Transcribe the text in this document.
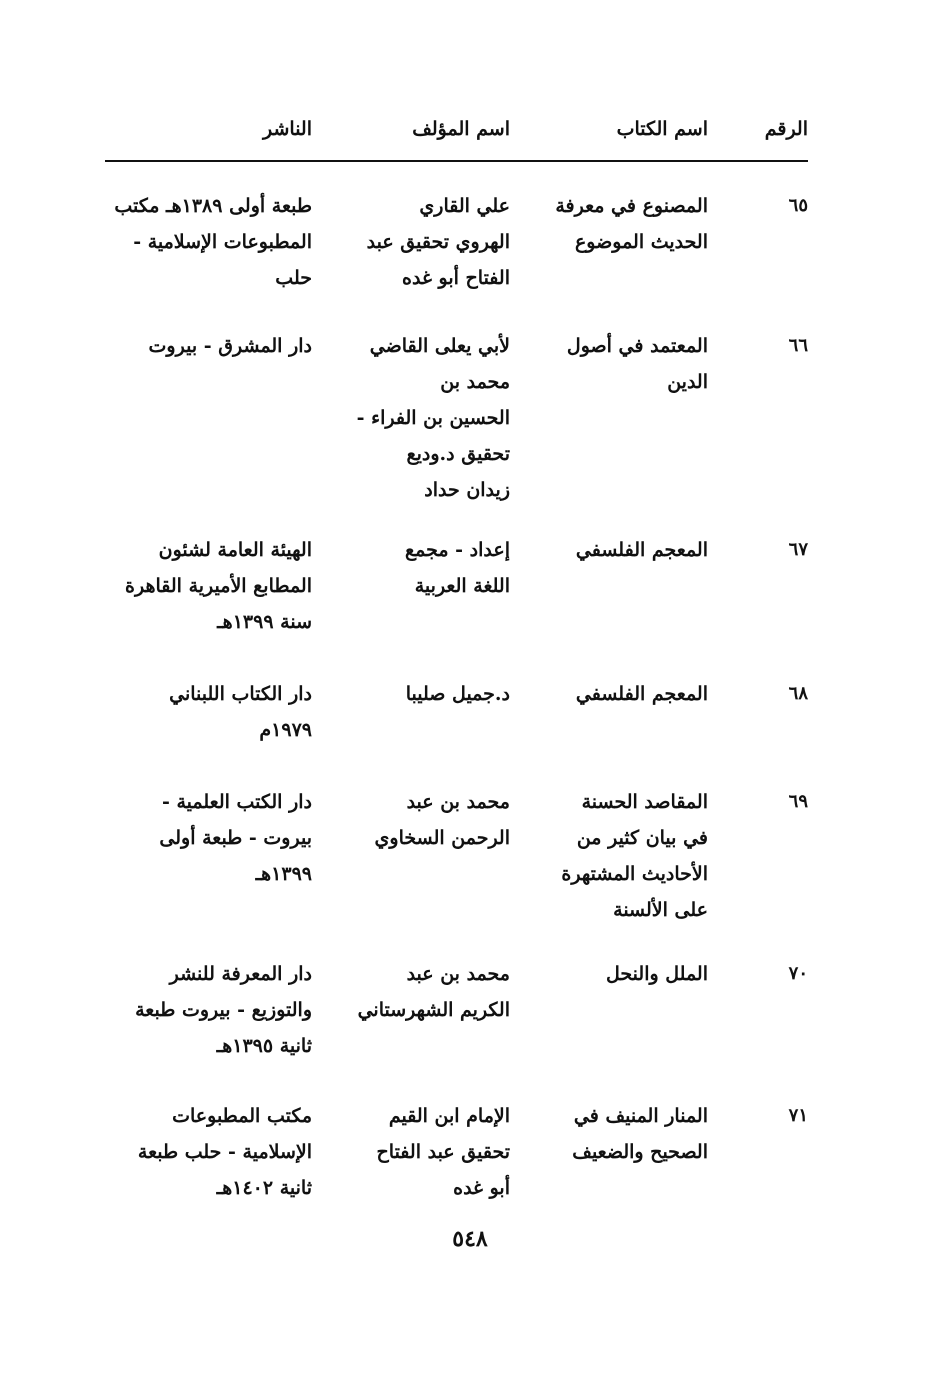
الرقم
اسم الكتاب
اسم المؤلف
الناشر
٦٥
المصنوع في معرفة
الحديث الموضوع
علي القاري
الهروي تحقيق عبد
الفتاح أبو غده
طبعة أولى ١٣٨٩هـ مكتب
المطبوعات الإسلامية -
حلب
٦٦
المعتمد في أصول
الدين
لأبي يعلى القاضي
محمد بن
الحسين بن الفراء -
تحقيق د.وديع
زيدان حداد
دار المشرق - بيروت
٦٧
المعجم الفلسفي
إعداد - مجمع
اللغة العربية
الهيئة العامة لشئون
المطابع الأميرية القاهرة
سنة ١٣٩٩هـ
٦٨
المعجم الفلسفي
د.جميل صليبا
دار الكتاب اللبناني
١٩٧٩م
٦٩
المقاصد الحسنة
في بيان كثير من
الأحاديث المشتهرة
على الألسنة
محمد بن عبد
الرحمن السخاوي
دار الكتب العلمية -
بيروت - طبعة أولى
١٣٩٩هـ
٧٠
الملل والنحل
محمد بن عبد
الكريم الشهرستاني
دار المعرفة للنشر
والتوزيع - بيروت طبعة
ثانية ١٣٩٥هـ
٧١
المنار المنيف في
الصحيح والضعيف
الإمام ابن القيم
تحقيق عبد الفتاح
أبو غده
مكتب المطبوعات
الإسلامية - حلب طبعة
ثانية ١٤٠٢هـ
٥٤٨
